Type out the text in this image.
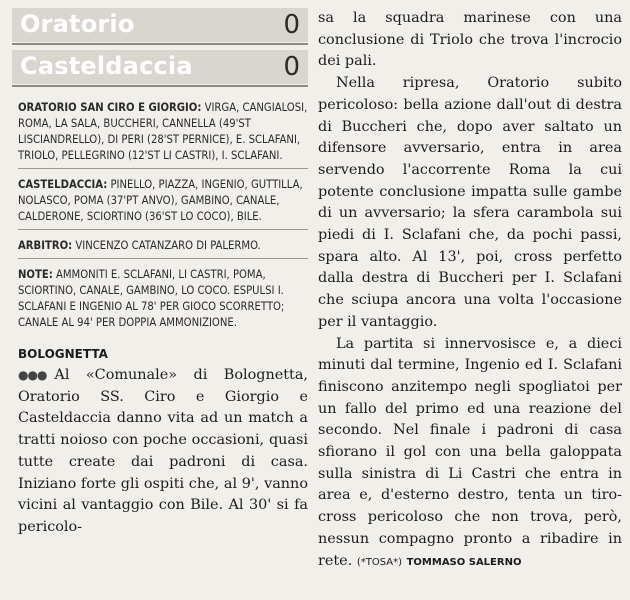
Oratorio	0
Casteldaccia	0
ORATORIO SAN CIRO E GIORGIO: VIRGA, CANGIALOSI, ROMA, LA SALA, BUCCHERI, CANNELLA (49'ST LISCIANDRELLO), DI PERI (28'ST PERNICE), E. SCLAFANI, TRIOLO, PELLEGRINO (12'ST LI CASTRI), I. SCLAFANI.
CASTELDACCIA: PINELLO, PIAZZA, INGENIO, GUTTILLA, NOLASCO, POMA (37'PT ANVO), GAMBINO, CANALE, CALDERONE, SCIORTINO (36'ST LO COCO), BILE.
ARBITRO: VINCENZO CATANZARO DI PALERMO.
NOTE: AMMONITI E. SCLAFANI, LI CASTRI, POMA, SCIORTINO, CANALE, GAMBINO, LO COCO. ESPULSI I. SCLAFANI E INGENIO AL 78' PER GIOCO SCORRETTO; CANALE AL 94' PER DOPPIA AMMONIZIONE.
BOLOGNETTA
●●● Al «Comunale» di Bolognetta, Oratorio SS. Ciro e Giorgio e Casteldaccia danno vita ad un match a tratti noioso con poche occasioni, quasi tutte create dai padroni di casa. Iniziano forte gli ospiti che, al 9', vanno vicini al vantaggio con Bile. Al 30' si fa pericolo-

sa la squadra marinese con una conclusione di Triolo che trova l'incrocio dei pali.

Nella ripresa, Oratorio subito pericoloso: bella azione dall'out di destra di Buccheri che, dopo aver saltato un difensore avversario, entra in area servendo l'accorrente Roma la cui potente conclusione impatta sulle gambe di un avversario; la sfera carambola sui piedi di I. Sclafani che, da pochi passi, spara alto. Al 13', poi, cross perfetto dalla destra di Buccheri per I. Sclafani che sciupa ancora una volta l'occasione per il vantaggio.

La partita si innervosisce e, a dieci minuti dal termine, Ingenio ed I. Sclafani finiscono anzitempo negli spogliatoi per un fallo del primo ed una reazione del secondo. Nel finale i padroni di casa sfiorano il gol con una bella galoppata sulla sinistra di Li Castri che entra in area e, d'esterno destro, tenta un tiro-cross pericoloso che non trova, però, nessun compagno pronto a ribadire in rete. (*TOSA*) TOMMASO SALERNO
